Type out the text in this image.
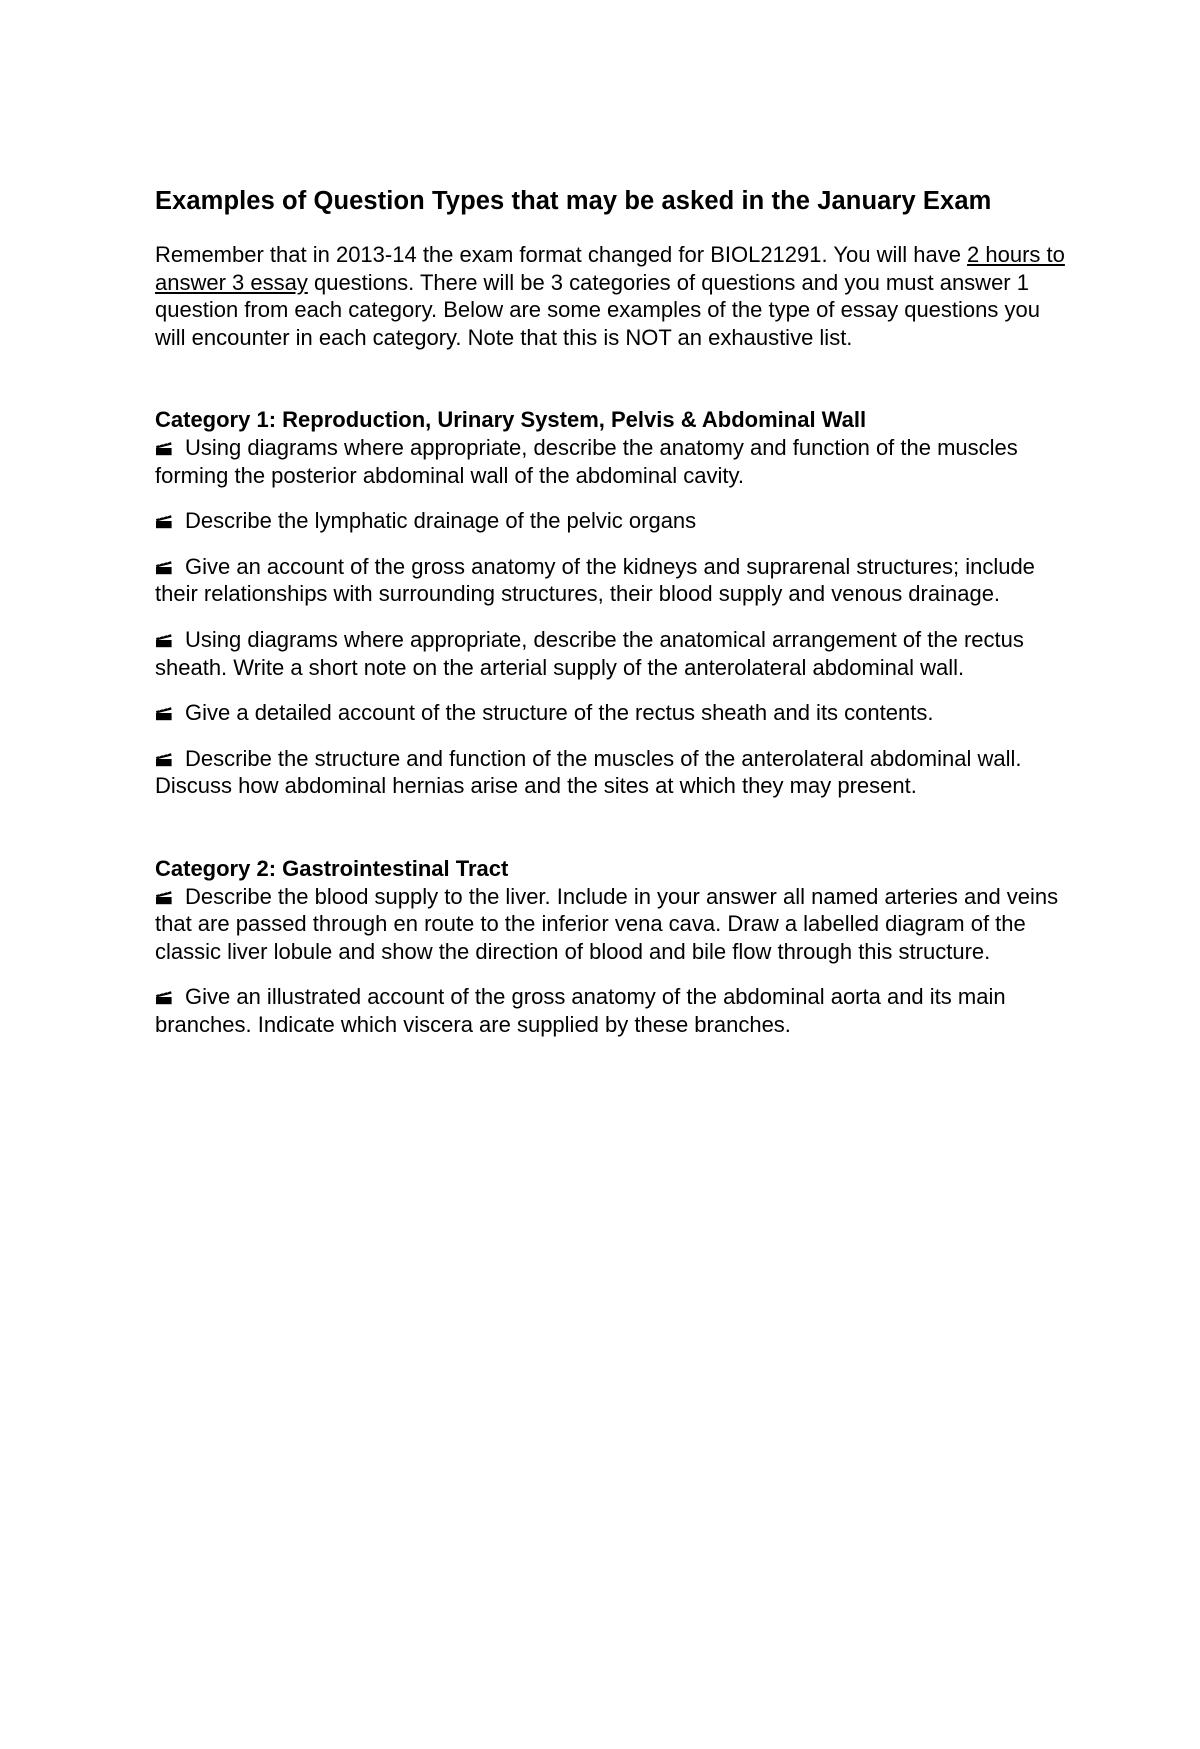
Examples of Question Types that may be asked in the January Exam

Remember that in 2013-14 the exam format changed for BIOL21291. You will have 2 hours to answer 3 essay questions. There will be 3 categories of questions and you must answer 1 question from each category. Below are some examples of the type of essay questions you will encounter in each category. Note that this is NOT an exhaustive list.

Category 1: Reproduction, Urinary System, Pelvis & Abdominal Wall

Using diagrams where appropriate, describe the anatomy and function of the muscles forming the posterior abdominal wall of the abdominal cavity.

Describe the lymphatic drainage of the pelvic organs

Give an account of the gross anatomy of the kidneys and suprarenal structures; include their relationships with surrounding structures, their blood supply and venous drainage.

Using diagrams where appropriate, describe the anatomical arrangement of the rectus sheath. Write a short note on the arterial supply of the anterolateral abdominal wall.

Give a detailed account of the structure of the rectus sheath and its contents.

Describe the structure and function of the muscles of the anterolateral abdominal wall. Discuss how abdominal hernias arise and the sites at which they may present.

Category 2: Gastrointestinal Tract

Describe the blood supply to the liver. Include in your answer all named arteries and veins that are passed through en route to the inferior vena cava. Draw a labelled diagram of the classic liver lobule and show the direction of blood and bile flow through this structure.

Give an illustrated account of the gross anatomy of the abdominal aorta and its main branches. Indicate which viscera are supplied by these branches.
